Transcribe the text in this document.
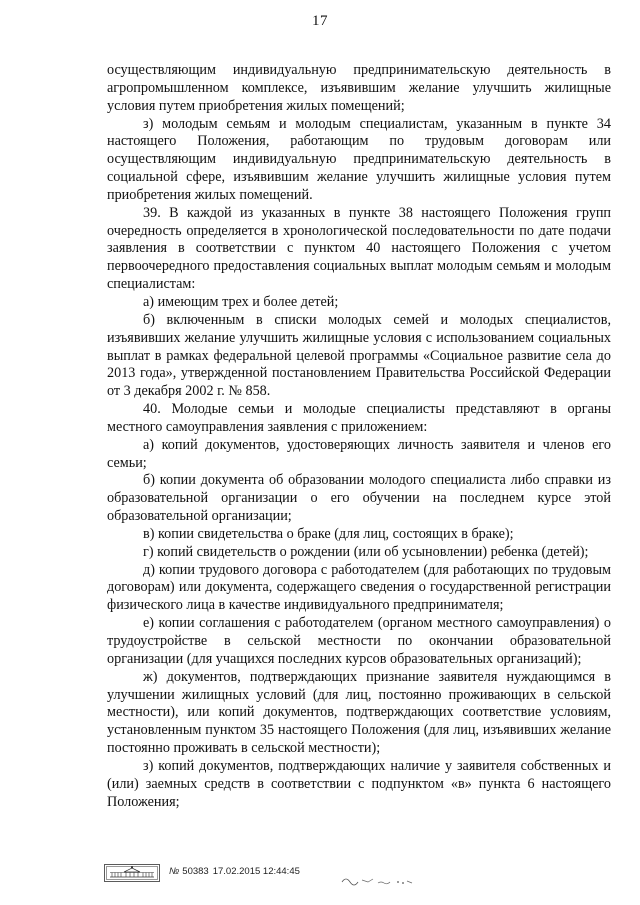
17

осуществляющим индивидуальную предпринимательскую деятельность в агропромышленном комплексе, изъявившим желание улучшить жилищные условия путем приобретения жилых помещений;

з) молодым семьям и молодым специалистам, указанным в пункте 34 настоящего Положения, работающим по трудовым договорам или осуществляющим индивидуальную предпринимательскую деятельность в социальной сфере, изъявившим желание улучшить жилищные условия путем приобретения жилых помещений.

39. В каждой из указанных в пункте 38 настоящего Положения групп очередность определяется в хронологической последовательности по дате подачи заявления в соответствии с пунктом 40 настоящего Положения с учетом первоочередного предоставления социальных выплат молодым семьям и молодым специалистам:

а) имеющим трех и более детей;

б) включенным в списки молодых семей и молодых специалистов, изъявивших желание улучшить жилищные условия с использованием социальных выплат в рамках федеральной целевой программы «Социальное развитие села до 2013 года», утвержденной постановлением Правительства Российской Федерации от 3 декабря 2002 г. № 858.

40. Молодые семьи и молодые специалисты представляют в органы местного самоуправления заявления с приложением:

а) копий документов, удостоверяющих личность заявителя и членов его семьи;

б) копии документа об образовании молодого специалиста либо справки из образовательной организации о его обучении на последнем курсе этой образовательной организации;

в) копии свидетельства о браке (для лиц, состоящих в браке);

г) копий свидетельств о рождении (или об усыновлении) ребенка (детей);

д) копии трудового договора с работодателем (для работающих по трудовым договорам) или документа, содержащего сведения о государственной регистрации физического лица в качестве индивидуального предпринимателя;

е) копии соглашения с работодателем (органом местного самоуправления) о трудоустройстве в сельской местности по окончании образовательной организации (для учащихся последних курсов образовательных организаций);

ж) документов, подтверждающих признание заявителя нуждающимся в улучшении жилищных условий (для лиц, постоянно проживающих в сельской местности), или копий документов, подтверждающих соответствие условиям, установленным пунктом 35 настоящего Положения (для лиц, изъявивших желание постоянно проживать в сельской местности);

з) копий документов, подтверждающих наличие у заявителя собственных и (или) заемных средств в соответствии с подпунктом «в» пункта 6 настоящего Положения;

№ 50383 17.02.2015 12:44:45
